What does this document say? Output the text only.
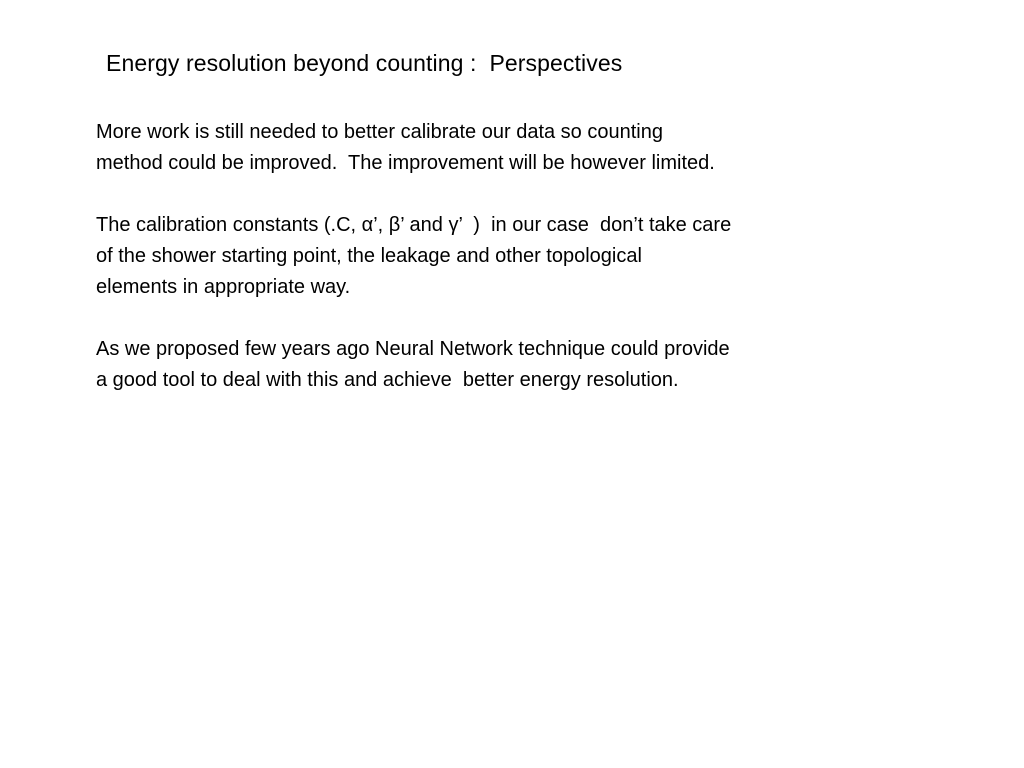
Energy resolution beyond counting :  Perspectives

More work is still needed to better calibrate our data so counting
method could be improved.  The improvement will be however limited.

The calibration constants (.C, α’, β’ and γ’  )  in our case  don’t take care
of the shower starting point, the leakage and other topological
elements in appropriate way.

As we proposed few years ago Neural Network technique could provide
a good tool to deal with this and achieve  better energy resolution.
